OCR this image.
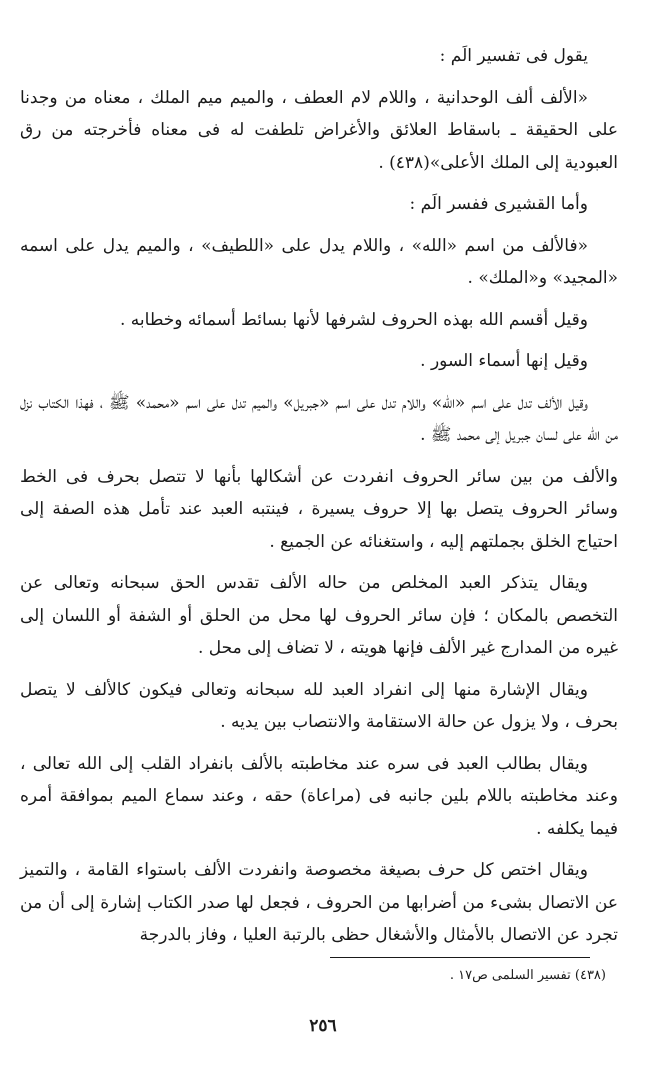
يقول فى تفسير الَم :

«الألف ألف الوحدانية ، واللام لام العطف ، والميم ميم الملك ، معناه من وجدنا على الحقيقة ـ باسقاط العلائق والأغراض تلطفت له فى معناه فأخرجته من رق العبودية إلى الملك الأعلى»(٤٣٨) .

وأما القشيرى ففسر الَم :

«فالألف من اسم «الله» ، واللام يدل على «اللطيف» ، والميم يدل على اسمه «المجيد» و«الملك» .

وقيل أقسم الله بهذه الحروف لشرفها لأنها بسائط أسمائه وخطابه .

وقيل إنها أسماء السور .

وقيل الألف تدل على اسم «الله» واللام تدل على اسم «جبريل» والميم تدل على اسم «محمد» ﷺ ، فهذا الكتاب نزل من الله على لسان جبريل إلى محمد ﷺ .

والألف من بين سائر الحروف انفردت عن أشكالها بأنها لا تتصل بحرف فى الخط وسائر الحروف يتصل بها إلا حروف يسيرة ، فينتبه العبد عند تأمل هذه الصفة إلى احتياج الخلق بجملتهم إليه ، واستغنائه عن الجميع .

ويقال يتذكر العبد المخلص من حاله الألف تقدس الحق سبحانه وتعالى عن التخصص بالمكان ؛ فإن سائر الحروف لها محل من الحلق أو الشفة أو اللسان إلى غيره من المدارج غير الألف فإنها هويته ، لا تضاف إلى محل .

ويقال الإشارة منها إلى انفراد العبد لله سبحانه وتعالى فيكون كالألف لا يتصل بحرف ، ولا يزول عن حالة الاستقامة والانتصاب بين يديه .

ويقال بطالب العبد فى سره عند مخاطبته بالألف بانفراد القلب إلى الله تعالى ، وعند مخاطبته باللام بلين جانبه فى (مراعاة) حقه ، وعند سماع الميم بموافقة أمره فيما يكلفه .

ويقال اختص كل حرف بصيغة مخصوصة وانفردت الألف باستواء القامة ، والتميز عن الاتصال بشىء من أضرابها من الحروف ، فجعل لها صدر الكتاب إشارة إلى أن من تجرد عن الاتصال بالأمثال والأشغال حظى بالرتبة العليا ، وفاز بالدرجة

(٤٣٨) تفسير السلمى ص١٧ .
٢٥٦
